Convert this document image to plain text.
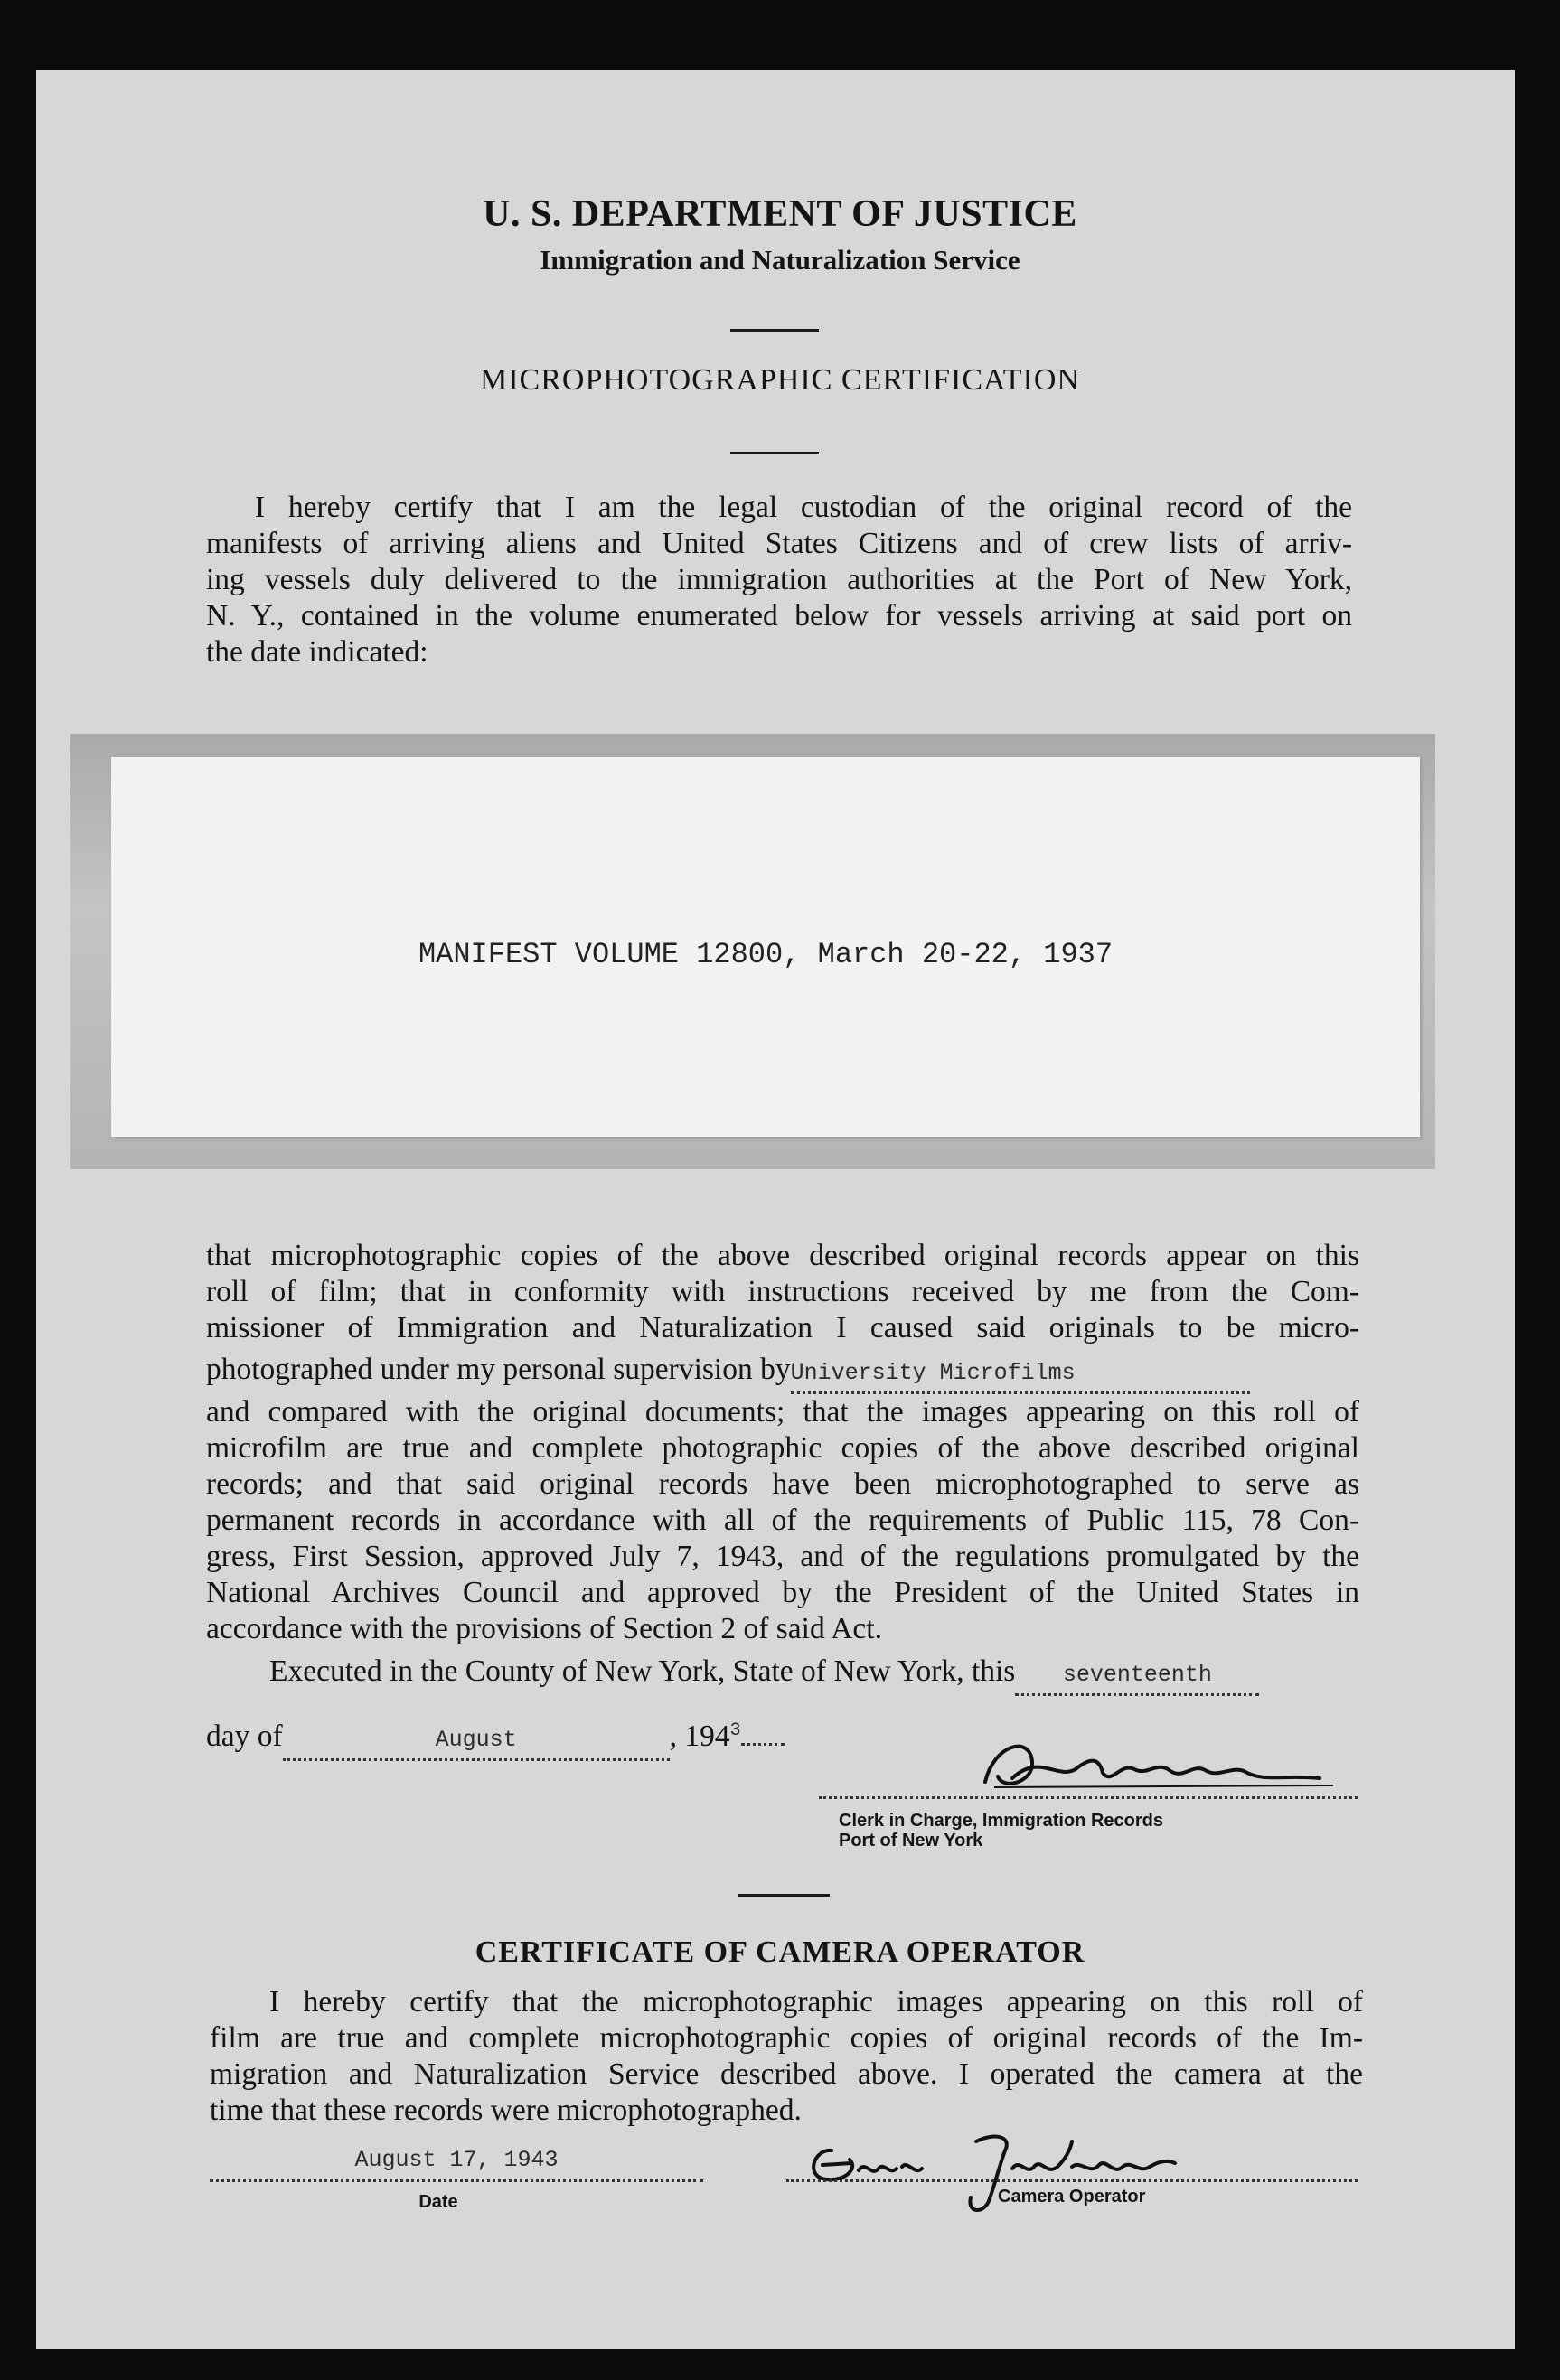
U. S. DEPARTMENT OF JUSTICE
Immigration and Naturalization Service
MICROPHOTOGRAPHIC CERTIFICATION
I hereby certify that I am the legal custodian of the original record of the
manifests of arriving aliens and United States Citizens and of crew lists of arriv-
ing vessels duly delivered to the immigration authorities at the Port of New York,
N. Y., contained in the volume enumerated below for vessels arriving at said port on
the date indicated:
MANIFEST VOLUME 12800, March 20-22, 1937
that microphotographic copies of the above described original records appear on this
roll of film; that in conformity with instructions received by me from the Com-
missioner of Immigration and Naturalization I caused said originals to be micro-
photographed under my personal supervision byUniversity Microfilms
and compared with the original documents; that the images appearing on this roll of
microfilm are true and complete photographic copies of the above described original
records; and that said original records have been microphotographed to serve as
permanent records in accordance with all of the requirements of Public 115, 78 Con-
gress, First Session, approved July 7, 1943, and of the regulations promulgated by the
National Archives Council and approved by the President of the United States in
accordance with the provisions of Section 2 of said Act.
Executed in the County of New York, State of New York, this seventeenth
day of	August	, $194^3$
Clerk in Charge, Immigration Records
Port of New York
CERTIFICATE OF CAMERA OPERATOR
I hereby certify that the microphotographic images appearing on this roll of
film are true and complete microphotographic copies of original records of the Im-
migration and Naturalization Service described above. I operated the camera at the
time that these records were microphotographed.
August 17, 1943
Date	Camera Operator
